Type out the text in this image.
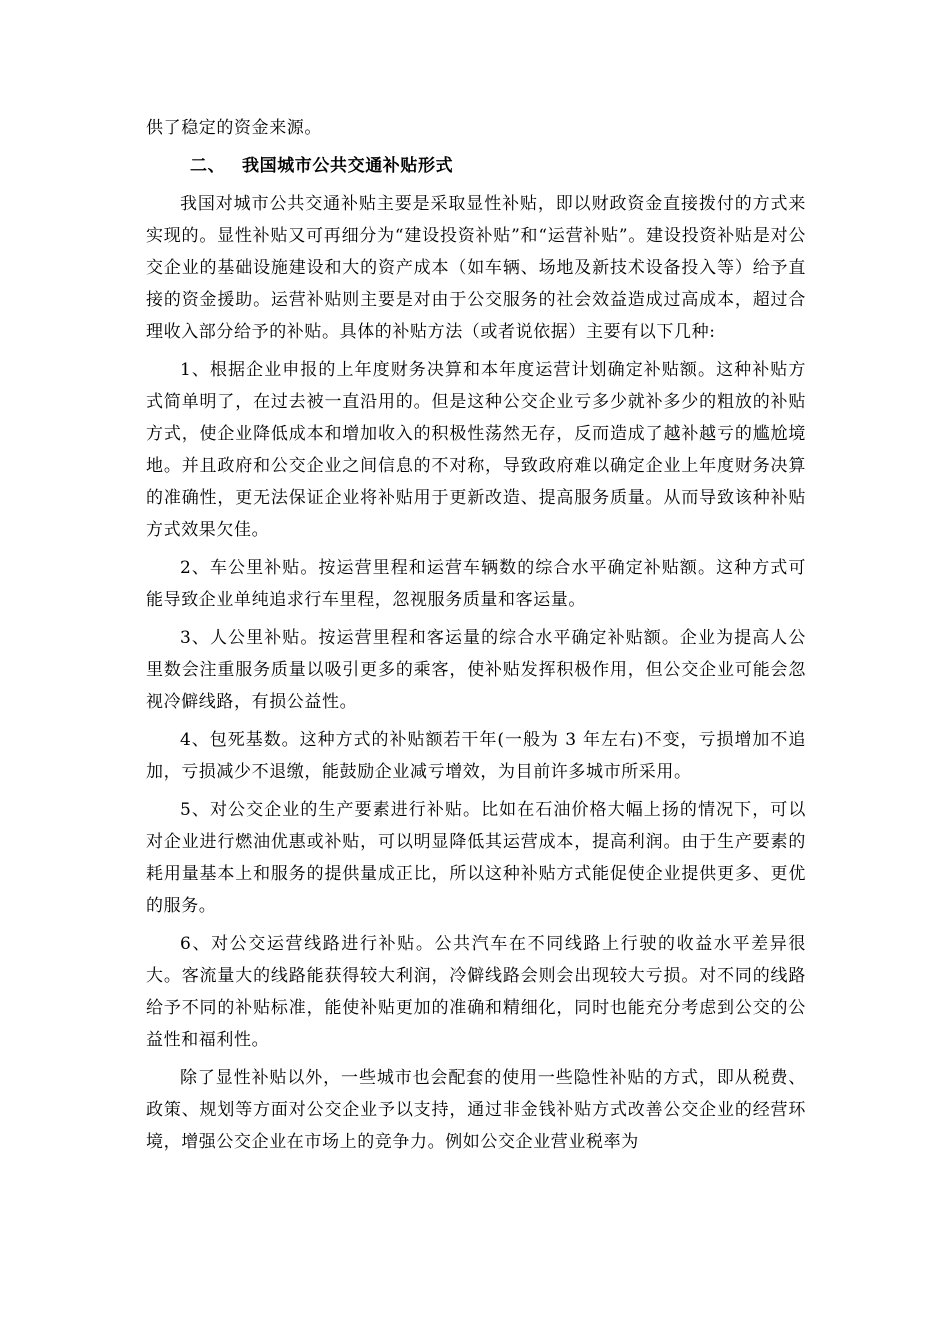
供了稳定的资金来源。

二、 我国城市公共交通补贴形式

我国对城市公共交通补贴主要是采取显性补贴，即以财政资金直接拨付的方式来实现的。显性补贴又可再细分为“建设投资补贴”和“运营补贴”。建设投资补贴是对公交企业的基础设施建设和大的资产成本（如车辆、场地及新技术设备投入等）给予直接的资金援助。运营补贴则主要是对由于公交服务的社会效益造成过高成本，超过合理收入部分给予的补贴。具体的补贴方法（或者说依据）主要有以下几种:

1、根据企业申报的上年度财务决算和本年度运营计划确定补贴额。这种补贴方式简单明了，在过去被一直沿用的。但是这种公交企业亏多少就补多少的粗放的补贴方式，使企业降低成本和增加收入的积极性荡然无存，反而造成了越补越亏的尴尬境地。并且政府和公交企业之间信息的不对称，导致政府难以确定企业上年度财务决算的准确性，更无法保证企业将补贴用于更新改造、提高服务质量。从而导致该种补贴方式效果欠佳。

2、车公里补贴。按运营里程和运营车辆数的综合水平确定补贴额。这种方式可能导致企业单纯追求行车里程，忽视服务质量和客运量。

3、人公里补贴。按运营里程和客运量的综合水平确定补贴额。企业为提高人公里数会注重服务质量以吸引更多的乘客，使补贴发挥积极作用，但公交企业可能会忽视冷僻线路，有损公益性。

4、包死基数。这种方式的补贴额若干年(一般为 3 年左右)不变，亏损增加不追加，亏损减少不退缴，能鼓励企业减亏增效，为目前许多城市所采用。

5、对公交企业的生产要素进行补贴。比如在石油价格大幅上扬的情况下，可以对企业进行燃油优惠或补贴，可以明显降低其运营成本，提高利润。由于生产要素的耗用量基本上和服务的提供量成正比，所以这种补贴方式能促使企业提供更多、更优的服务。

6、对公交运营线路进行补贴。公共汽车在不同线路上行驶的收益水平差异很大。客流量大的线路能获得较大利润，冷僻线路会则会出现较大亏损。对不同的线路给予不同的补贴标准，能使补贴更加的准确和精细化，同时也能充分考虑到公交的公益性和福利性。

除了显性补贴以外，一些城市也会配套的使用一些隐性补贴的方式，即从税费、政策、规划等方面对公交企业予以支持，通过非金钱补贴方式改善公交企业的经营环境，增强公交企业在市场上的竞争力。例如公交企业营业税率为
